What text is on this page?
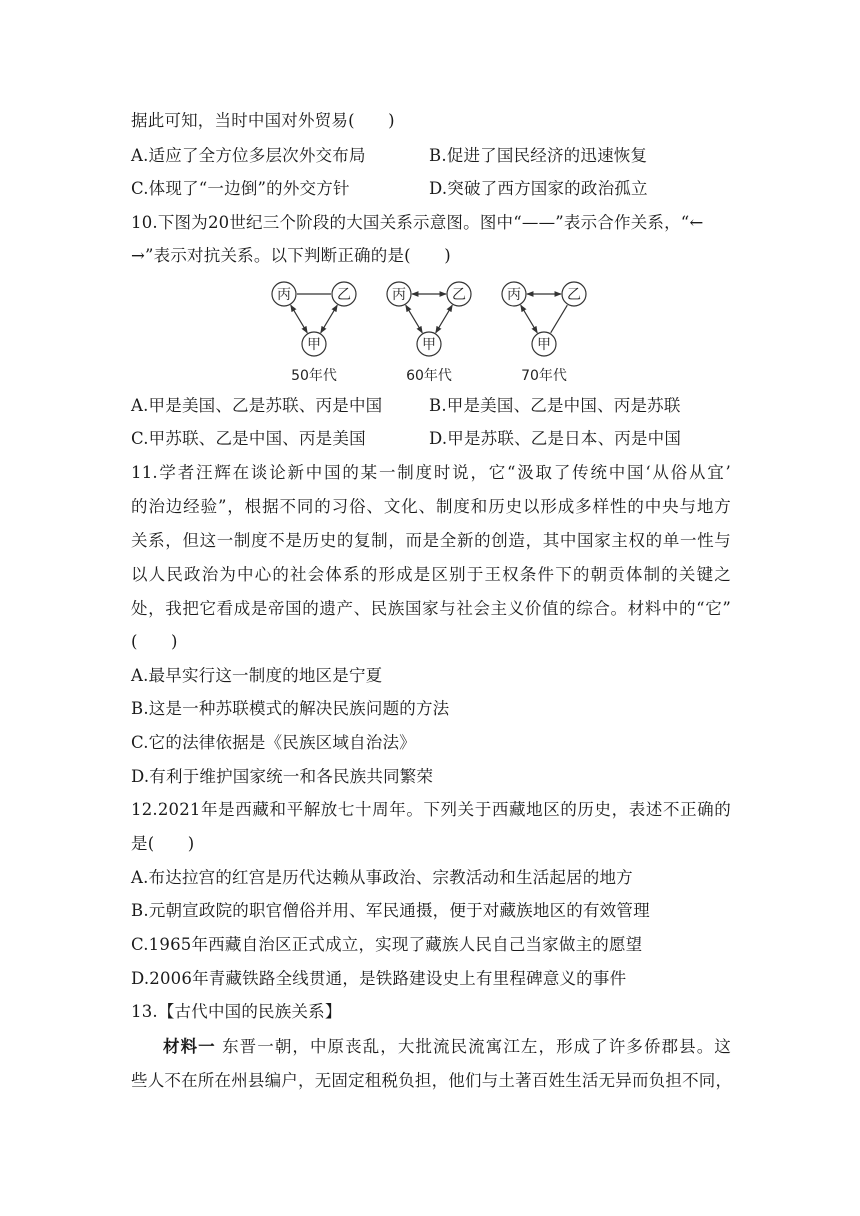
据此可知，当时中国对外贸易(　　)
A.适应了全方位多层次外交布局	B.促进了国民经济的迅速恢复
C.体现了“一边倒”的外交方针	D.突破了西方国家的政治孤立
10.下图为20世纪三个阶段的大国关系示意图。图中“——”表示合作关系，“←
→”表示对抗关系。以下判断正确的是(　　)
丙	乙
甲
50年代
丙	乙
甲
60年代
丙	乙
甲
70年代
A.甲是美国、乙是苏联、丙是中国	B.甲是美国、乙是中国、丙是苏联
C.甲苏联、乙是中国、丙是美国	D.甲是苏联、乙是日本、丙是中国
11.学者汪辉在谈论新中国的某一制度时说，它“汲取了传统中国‘从俗从宜’
的治边经验”，根据不同的习俗、文化、制度和历史以形成多样性的中央与地方
关系，但这一制度不是历史的复制，而是全新的创造，其中国家主权的单一性与
以人民政治为中心的社会体系的形成是区别于王权条件下的朝贡体制的关键之
处，我把它看成是帝国的遗产、民族国家与社会主义价值的综合。材料中的“它”
(　　)
A.最早实行这一制度的地区是宁夏
B.这是一种苏联模式的解决民族问题的方法
C.它的法律依据是《民族区域自治法》
D.有利于维护国家统一和各民族共同繁荣
12.2021年是西藏和平解放七十周年。下列关于西藏地区的历史，表述不正确的
是(　　)
A.布达拉宫的红宫是历代达赖从事政治、宗教活动和生活起居的地方
B.元朝宣政院的职官僧俗并用、军民通摄，便于对藏族地区的有效管理
C.1965年西藏自治区正式成立，实现了藏族人民自己当家做主的愿望
D.2006年青藏铁路全线贯通，是铁路建设史上有里程碑意义的事件
13.【古代中国的民族关系】
材料一 东晋一朝，中原丧乱，大批流民流寓江左，形成了许多侨郡县。这
些人不在所在州县编户，无固定租税负担，他们与土著百姓生活无异而负担不同，
